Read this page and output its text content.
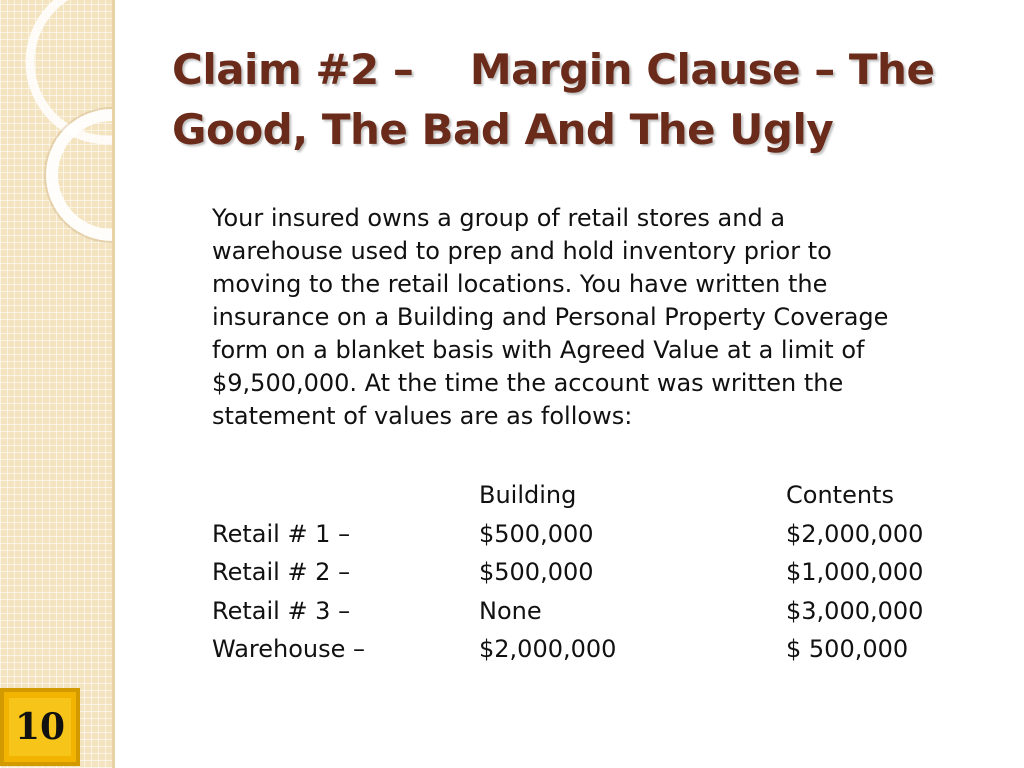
10
Claim #2 –    Margin Clause – The
Good, The Bad And The Ugly
Your insured owns a group of retail stores and a
warehouse used to prep and hold inventory prior to
moving to the retail locations. You have written the
insurance on a Building and Personal Property Coverage
form on a blanket basis with Agreed Value at a limit of
$9,500,000. At the time the account was written the
statement of values are as follows:
	Building	Contents
Retail # 1 –	$500,000	$2,000,000
Retail # 2 –	$500,000	$1,000,000
Retail # 3 –	None	$3,000,000
Warehouse –	$2,000,000	$ 500,000
